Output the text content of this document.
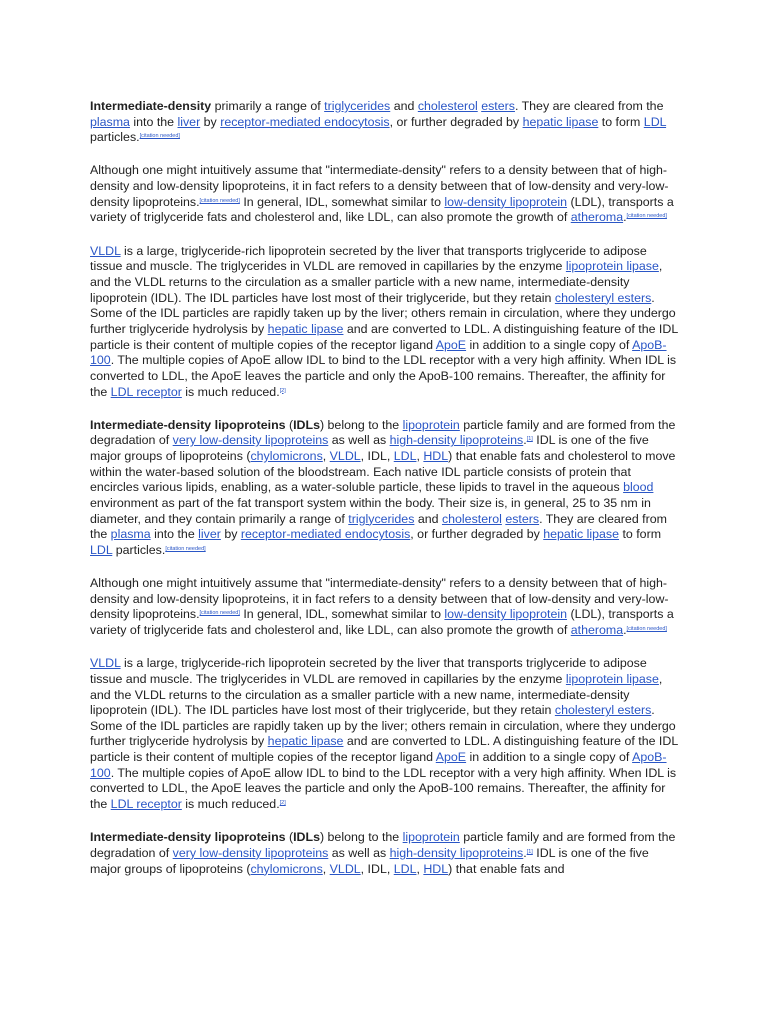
Intermediate-density primarily a range of triglycerides and cholesterol esters. They are cleared from the plasma into the liver by receptor-mediated endocytosis, or further degraded by hepatic lipase to form LDL particles.[citation needed]

Although one might intuitively assume that "intermediate-density" refers to a density between that of high-density and low-density lipoproteins, it in fact refers to a density between that of low-density and very-low-density lipoproteins.[citation needed] In general, IDL, somewhat similar to low-density lipoprotein (LDL), transports a variety of triglyceride fats and cholesterol and, like LDL, can also promote the growth of atheroma.[citation needed]

VLDL is a large, triglyceride-rich lipoprotein secreted by the liver that transports triglyceride to adipose tissue and muscle. The triglycerides in VLDL are removed in capillaries by the enzyme lipoprotein lipase, and the VLDL returns to the circulation as a smaller particle with a new name, intermediate-density lipoprotein (IDL). The IDL particles have lost most of their triglyceride, but they retain cholesteryl esters. Some of the IDL particles are rapidly taken up by the liver; others remain in circulation, where they undergo further triglyceride hydrolysis by hepatic lipase and are converted to LDL. A distinguishing feature of the IDL particle is their content of multiple copies of the receptor ligand ApoE in addition to a single copy of ApoB-100. The multiple copies of ApoE allow IDL to bind to the LDL receptor with a very high affinity. When IDL is converted to LDL, the ApoE leaves the particle and only the ApoB-100 remains. Thereafter, the affinity for the LDL receptor is much reduced.[2]

Intermediate-density lipoproteins (IDLs) belong to the lipoprotein particle family and are formed from the degradation of very low-density lipoproteins as well as high-density lipoproteins.[1] IDL is one of the five major groups of lipoproteins (chylomicrons, VLDL, IDL, LDL, HDL) that enable fats and cholesterol to move within the water-based solution of the bloodstream. Each native IDL particle consists of protein that encircles various lipids, enabling, as a water-soluble particle, these lipids to travel in the aqueous blood environment as part of the fat transport system within the body. Their size is, in general, 25 to 35 nm in diameter, and they contain primarily a range of triglycerides and cholesterol esters. They are cleared from the plasma into the liver by receptor-mediated endocytosis, or further degraded by hepatic lipase to form LDL particles.[citation needed]

Although one might intuitively assume that "intermediate-density" refers to a density between that of high-density and low-density lipoproteins, it in fact refers to a density between that of low-density and very-low-density lipoproteins.[citation needed] In general, IDL, somewhat similar to low-density lipoprotein (LDL), transports a variety of triglyceride fats and cholesterol and, like LDL, can also promote the growth of atheroma.[citation needed]

VLDL is a large, triglyceride-rich lipoprotein secreted by the liver that transports triglyceride to adipose tissue and muscle. The triglycerides in VLDL are removed in capillaries by the enzyme lipoprotein lipase, and the VLDL returns to the circulation as a smaller particle with a new name, intermediate-density lipoprotein (IDL). The IDL particles have lost most of their triglyceride, but they retain cholesteryl esters. Some of the IDL particles are rapidly taken up by the liver; others remain in circulation, where they undergo further triglyceride hydrolysis by hepatic lipase and are converted to LDL. A distinguishing feature of the IDL particle is their content of multiple copies of the receptor ligand ApoE in addition to a single copy of ApoB-100. The multiple copies of ApoE allow IDL to bind to the LDL receptor with a very high affinity. When IDL is converted to LDL, the ApoE leaves the particle and only the ApoB-100 remains. Thereafter, the affinity for the LDL receptor is much reduced.[2]

Intermediate-density lipoproteins (IDLs) belong to the lipoprotein particle family and are formed from the degradation of very low-density lipoproteins as well as high-density lipoproteins.[1] IDL is one of the five major groups of lipoproteins (chylomicrons, VLDL, IDL, LDL, HDL) that enable fats and
